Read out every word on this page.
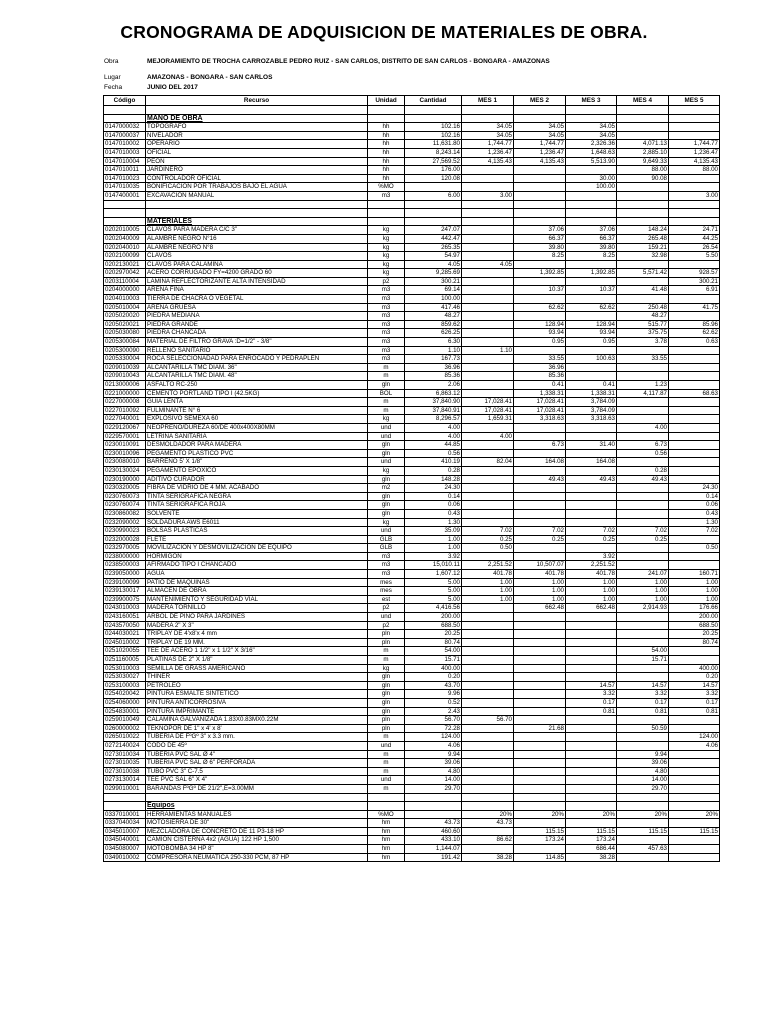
CRONOGRAMA DE ADQUISICION DE MATERIALES DE OBRA.
Obra	MEJORAMIENTO DE TROCHA CARROZABLE PEDRO RUIZ - SAN CARLOS, DISTRITO DE SAN CARLOS - BONGARA - AMAZONAS
Lugar	AMAZONAS - BONGARA - SAN CARLOS
Fecha	JUNIO DEL 2017
Código	Recurso	Unidad	Cantidad	MES 1	MES 2	MES 3	MES 4	MES 5

	MANO DE OBRA							
0147000032	TOPOGRAFO	hh	102.16	34.05	34.05	34.05		
0147000037	NIVELADOR	hh	102.16	34.05	34.05	34.05		
0147010002	OPERARIO	hh	11,631.80	1,744.77	1,744.77	2,326.36	4,071.13	1,744.77
0147010003	OFICIAL	hh	8,243.14	1,236.47	1,236.47	1,648.63	2,885.10	1,236.47
0147010004	PEON	hh	27,569.52	4,135.43	4,135.43	5,513.90	9,649.33	4,135.43
0147010011	JARDINERO	hh	176.00				88.00	88.00
0147010023	CONTROLADOR OFICIAL	hh	120.08			30.00	90.08	
0147010035	BONIFICACION POR TRABAJOS BAJO EL AGUA	%MO				100.00		
0147400001	EXCAVACION MANUAL	m3	6.00	3.00				3.00

	MATERIALES							
0202010005	CLAVOS PARA MADERA C/C 3"	kg	247.07		37.06	37.06	148.24	24.71
0202040009	ALAMBRE NEGRO N°16	kg	442.47		66.37	66.37	265.48	44.25
0202040010	ALAMBRE NEGRO N°8	kg	265.35		39.80	39.80	159.21	26.54
0202100099	CLAVOS	kg	54.97		8.25	8.25	32.98	5.50
0202130021	CLAVOS PARA CALAMINA	kg	4.05	4.05				
0202970042	ACERO CORRUGADO FY=4200 GRADO 60	kg	9,285.69		1,392.85	1,392.85	5,571.42	928.57
0203110004	LAMINA REFLECTORIZANTE ALTA INTENSIDAD	p2	300.21					300.21
0204000000	ARENA FINA	m3	69.14		10.37	10.37	41.48	6.91
0204010003	TIERRA DE CHACRA O VEGETAL	m3	100.00					
0205010004	ARENA GRUESA	m3	417.46		62.62	62.62	250.48	41.75
0205020020	PIEDRA MEDIANA	m3	48.27				48.27	
0205020021	PIEDRA GRANDE	m3	859.62		128.94	128.94	515.77	85.96
0205030080	PIEDRA CHANCADA	m3	626.25		93.94	93.94	375.75	62.62
0205300084	MATERIAL DE FILTRO GRAVA :D=1/2" - 3/8"	m3	6.30		0.95	0.95	3.78	0.63
0205300090	RELLENO SANITARIO	m3	1.10	1.10				
0205330004	ROCA SELECCIONADAD PARA ENROCADO Y PEDRAPLEN	m3	167.73		33.55	100.63	33.55	
0209010039	ALCANTARILLA TMC DIAM. 36"	m	36.96		36.96			
0209010043	ALCANTARILLA TMC DIAM. 48"	m	85.36		85.36			
0213000006	ASFALTO RC-250	gln	2.06		0.41	0.41	1.23	
0221000000	CEMENTO PORTLAND TIPO I (42.5KG)	BOL	6,863.12		1,338.31	1,338.31	4,117.87	68.63
0227000008	GUIA LENTA	m	37,840.90	17,028.41	17,028.41	3,784.09		
0227010092	FULMINANTE N° 6	m	37,840.91	17,028.41	17,028.41	3,784.09		
0227040001	EXPLOSIVO SEMEXA 60	kg	8,296.57	1,659.31	3,318.63	3,318.63		
0229120067	NEOPRENO/DUREZA 60/DE 400x400X80MM	und	4.00				4.00	
0229570001	LETRINA SANITARIA	und	4.00	4.00				
0230010091	DESMOLDADOR PARA MADERA	gln	44.85		6.73	31.40	6.73	
0230010096	PEGAMENTO PLASTICO PVC	gln	0.56				0.56	
0230080010	BARRENO 5' X 1/8"	und	410.19	82.04	164.08	164.08		
0230130024	PEGAMENTO EPOXICO	kg	0.28				0.28	
0230190000	ADITIVO CURADOR	gln	148.28		49.43	49.43	49.43	
0230320005	FIBRA DE VIDRIO DE 4 MM. ACABADO	m2	24.30					24.30
0230760073	TINTA SERIGRAFICA NEGRA	gln	0.14					0.14
0230760074	TINTA SERIGRAFICA ROJA	gln	0.06					0.06
0230860082	SOLVENTE	gln	0.43					0.43
0232090002	SOLDADURA AWS E6011	kg	1.30					1.30
0230990023	BOLSAS PLASTICAS	und	35.09	7.02	7.02	7.02	7.02	7.02
0232000028	FLETE	GLB	1.00	0.25	0.25	0.25	0.25	
0232970005	MOVILIZACION Y DESMOVILIZACION DE EQUIPO	GLB	1.00	0.50				0.50
0238000000	HORMIGON	m3	3.92			3.92		
0238500003	AFIRMADO TIPO I CHANCADO	m3	15,010.11	2,251.52	10,507.07	2,251.52		
0239050000	AGUA	m3	1,607.12	401.78	401.78	401.78	241.07	160.71
0239100099	PATIO DE MAQUINAS	mes	5.00	1.00	1.00	1.00	1.00	1.00
0239130017	ALMACEN DE OBRA	mes	5.00	1.00	1.00	1.00	1.00	1.00
0239900075	MANTENIMIENTO Y SEGURIDAD VIAL	est	5.00	1.00	1.00	1.00	1.00	1.00
0243010003	MADERA TORNILLO	p2	4,416.56		662.48	662.48	2,914.93	176.66
0243160051	ARBOL DE PINO PARA JARDINES	und	200.00					200.00
0243570050	MADERA 2" X 3"	p2	688.50					688.50
0244030021	TRIPLAY DE 4'x8'x 4 mm	pln	20.25					20.25
0245010002	TRIPLAY DE 19 MM.	pln	80.74					80.74
0251020055	TEE DE ACERO 1 1/2" x 1 1/2" X 3/16"	m	54.00				54.00	
0251160005	PLATINAS DE 2" X 1/8"	m	15.71				15.71	
0253010003	SEMILLA DE GRASS AMERICANO	kg	400.00					400.00
0253030027	THINER	gln	0.20					0.20
0253100003	PETROLEO	gln	43.70			14.57	14.57	14.57
0254020042	PINTURA ESMALTE SINTETICO	gln	9.96			3.32	3.32	3.32
0254060000	PINTURA ANTICORROSIVA	gln	0.52			0.17	0.17	0.17
0254830001	PINTURA IMPRIMANTE	gln	2.43			0.81	0.81	0.81
0259010049	CALAMINA GALVANIZADA 1.83X0.83MX0.22M	pln	56.70	56.70				
0260000002	TEKNOPOR DE 1" x 4' x 8'	pln	72.28		21.68		50.59	
0265010022	TUBERIA DE FºGº 3" x 3.3 mm.	m	124.00					124.00
0272140024	CODO DE 45º	und	4.06					4.06
0273010034	TUBERIA PVC SAL Ø 4"	m	9.94				9.94	
0273010035	TUBERIA PVC SAL Ø 6" PERFORADA	m	39.06				39.06	
0273010038	TUBO PVC 3" C-7.5	m	4.80				4.80	
0273130014	TEE PVC SAL 6" X 4"	und	14.00				14.00	
0299010001	BARANDAS FºGº DE 21/2",E=3.00MM	m	29.70				29.70	

	Equipos							
0337010001	HERRAMIENTAS MANUALES	%MO		20%	20%	20%	20%	20%
0337040034	MOTOSIERRA DE 30"	hm	43.73	43.73				
0345010007	MEZCLADORA DE CONCRETO DE 11 P3-18 HP	hm	460.60		115.15	115.15	115.15	115.15
0345040001	CAMION CISTERNA 4x2 (AGUA) 122 HP 1,500	hm	433.10	86.62	173.24	173.24		
0345080007	MOTOBOMBA 34 HP 8"	hm	1,144.07			686.44	457.63	
0349010002	COMPRESORA NEUMATICA 250-330 PCM, 87 HP	hm	191.42	38.28	114.85	38.28		
